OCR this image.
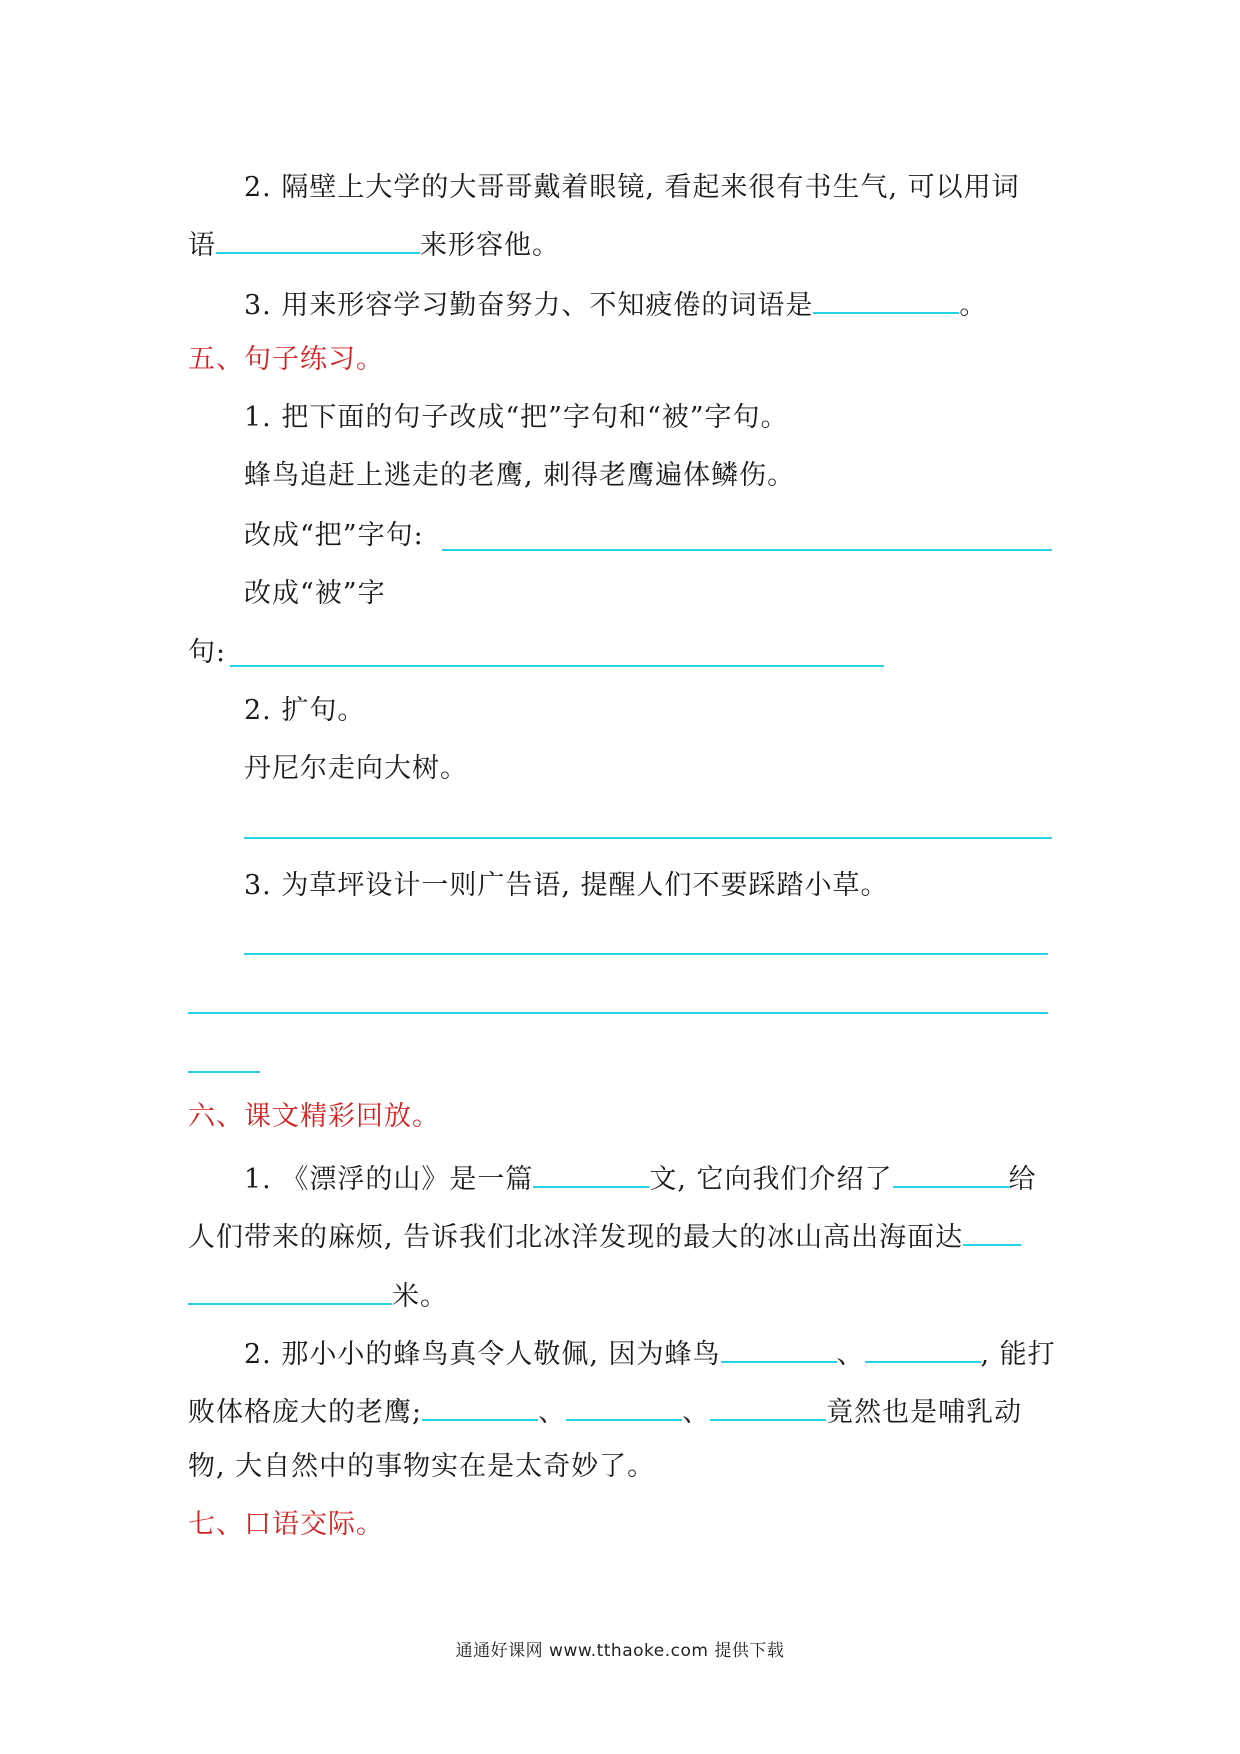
2. 隔壁上大学的大哥哥戴着眼镜, 看起来很有书生气, 可以用词
语	来形容他。
3. 用来形容学习勤奋努力、不知疲倦的词语是	。
五、句子练习。
1. 把下面的句子改成“把”字句和“被”字句。
蜂鸟追赶上逃走的老鹰, 刺得老鹰遍体鳞伤。
改成“把”字句:
改成“被”字
句:
2. 扩句。
丹尼尔走向大树。
3. 为草坪设计一则广告语, 提醒人们不要踩踏小草。
六、课文精彩回放。
1. 《漂浮的山》是一篇	文, 它向我们介绍了	给
人们带来的麻烦, 告诉我们北冰洋发现的最大的冰山高出海面达
米。
2. 那小小的蜂鸟真令人敬佩, 因为蜂鸟	、	, 能打
败体格庞大的老鹰;	、	、	竟然也是哺乳动
物, 大自然中的事物实在是太奇妙了。
七、口语交际。
通通好课网 www.tthaoke.com 提供下载
